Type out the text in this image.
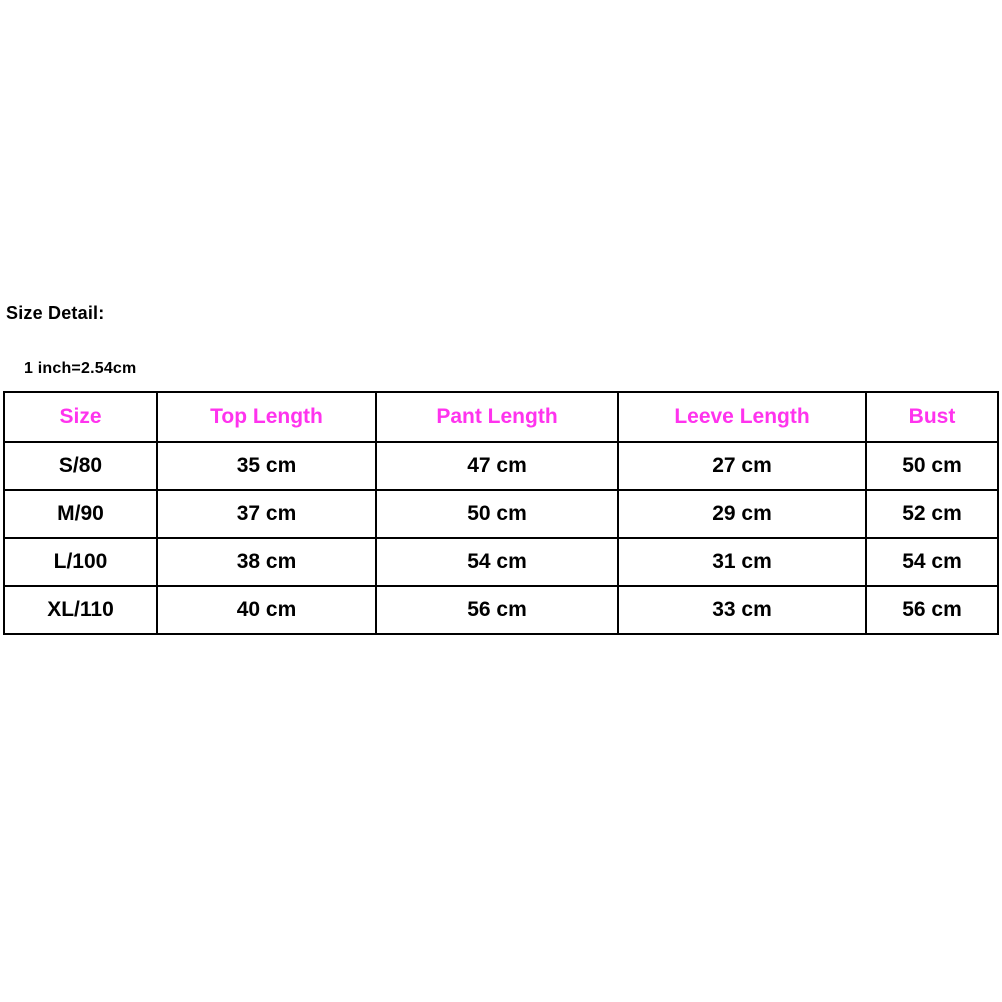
Size Detail:
1 inch=2.54cm
Size	Top Length	Pant Length	Leeve Length	Bust
S/80	35 cm	47 cm	27 cm	50 cm
M/90	37 cm	50 cm	29 cm	52 cm
L/100	38 cm	54 cm	31 cm	54 cm
XL/110	40 cm	56 cm	33 cm	56 cm
